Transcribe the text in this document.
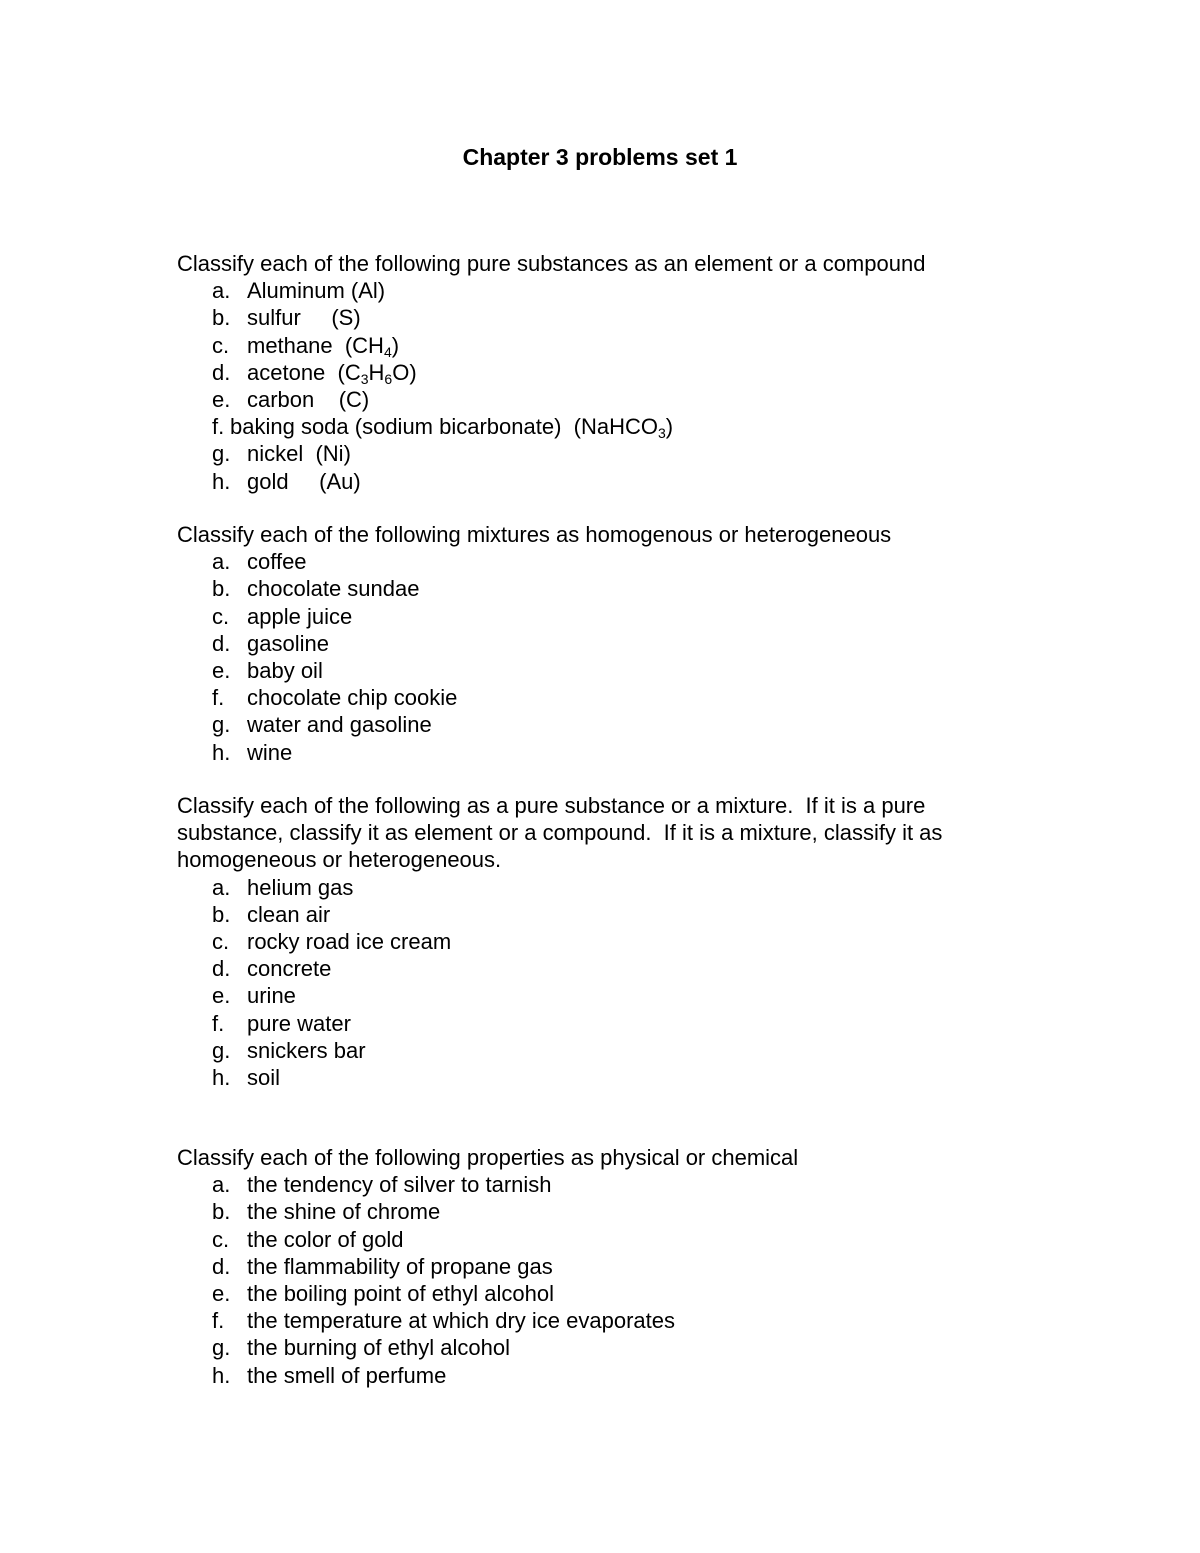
Chapter 3 problems set 1

Classify each of the following pure substances as an element or a compound

a.

Aluminum (Al)

b.

sulfur     (S)

c.

methane  $(CH_4)$

d.

acetone  $(C_3H_6O)$

e.

carbon    (C)

f.

baking soda (sodium bicarbonate)  (NaHCO$_3$)

g.

nickel  (Ni)

h.

gold     (Au)

Classify each of the following mixtures as homogenous or heterogeneous

a. coffee
b. chocolate sundae
c. apple juice
d. gasoline
e. baby oil
f. chocolate chip cookie
g. water and gasoline
h. wine

Classify each of the following as a pure substance or a mixture.  If it is a pure substance, classify it as element or a compound.  If it is a mixture, classify it as homogeneous or heterogeneous.

a. helium gas
b. clean air
c. rocky road ice cream
d. concrete
e. urine
f. pure water
g. snickers bar
h. soil

Classify each of the following properties as physical or chemical

a. the tendency of silver to tarnish
b. the shine of chrome
c. the color of gold
d. the flammability of propane gas
e. the boiling point of ethyl alcohol
f. the temperature at which dry ice evaporates
g. the burning of ethyl alcohol
h. the smell of perfume
